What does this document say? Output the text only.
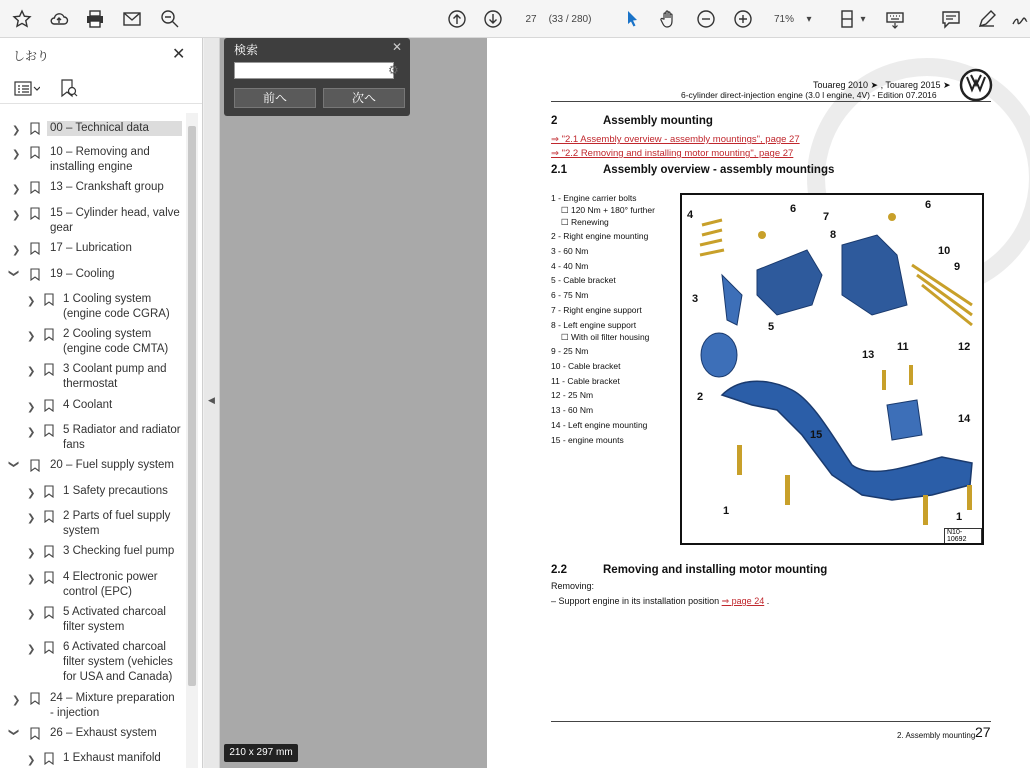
27	(33 / 280)	71%	▾	▾
しおり	✕
❯	00 – Technical data
❯	10 – Removing and installing engine
❯	13 – Crankshaft group
❯	15 – Cylinder head, valve gear
❯	17 – Lubrication
❯	19 – Cooling
❯ 1 Cooling system (engine code CGRA)
❯ 2 Cooling system (engine code CMTA)
❯ 3 Coolant pump and thermostat
❯ 4 Coolant
❯ 5 Radiator and radiator fans
❯	20 – Fuel supply system
❯ 1 Safety precautions
❯ 2 Parts of fuel supply system
❯ 3 Checking fuel pump
❯ 4 Electronic power control (EPC)
❯ 5 Activated charcoal filter system
❯ 6 Activated charcoal filter system (vehicles for USA and Canada)
❯	24 – Mixture preparation - injection
❯	26 – Exhaust system
❯ 1 Exhaust manifold
◀
検索	✕
⚙
前へ	次へ
210 x 297 mm
Touareg 2010 ➤ , Touareg 2015 ➤
6-cylinder direct-injection engine (3.0 l engine, 4V) - Edition 07.2016
2	Assembly mounting
⇒ "2.1 Assembly overview - assembly mountings", page 27
⇒ "2.2 Removing and installing motor mounting", page 27
2.1	Assembly overview - assembly mountings
1 - Engine carrier bolts
☐ 120 Nm + 180° further
☐ Renewing
2 - Right engine mounting
3 - 60 Nm
4 - 40 Nm
5 - Cable bracket
6 - 75 Nm
7 - Right engine support
8 - Left engine support
☐ With oil filter housing
9 - 25 Nm
10 - Cable bracket
11 - Cable bracket
12 - 25 Nm
13 - 60 Nm
14 - Left engine mounting
15 - engine mounts
4	6
7
6
8
10
9
3
5
12
11
13
2
14
15
1	1
N10-10692
2.2	Removing and installing motor mounting
Removing:
– Support engine in its installation position ⇒ page 24 .
2. Assembly mounting 27
